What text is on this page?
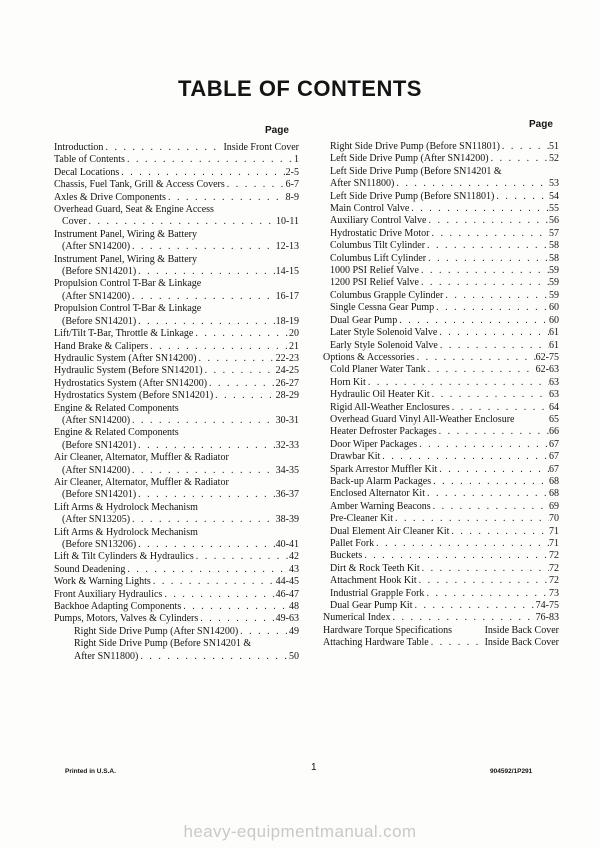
TABLE OF CONTENTS
Page
Page
Introduction . . .	Inside Front Cover
Table of Contents . . .	1
Decal Locations . . .	2-5
Chassis, Fuel Tank, Grill & Access Covers . . .	6-7
Axles & Drive Components . . .	8-9
Overhead Guard, Seat & Engine Access
Cover . . .	10-11
Instrument Panel, Wiring & Battery
(After SN14200) . . .	12-13
Instrument Panel, Wiring & Battery
(Before SN14201) . . .	14-15
Propulsion Control T-Bar & Linkage
(After SN14200) . . .	16-17
Propulsion Control T-Bar & Linkage
(Before SN14201) . . .	18-19
Lift/Tilt T-Bar, Throttle & Linkage . . .	20
Hand Brake & Calipers . . .	21
Hydraulic System (After SN14200) . . .	22-23
Hydraulic System (Before SN14201) . . .	24-25
Hydrostatics System (After SN14200) . . .	26-27
Hydrostatics System (Before SN14201) . . .	28-29
Engine & Related Components
(After SN14200) . . .	30-31
Engine & Related Components
(Before SN14201) . . .	32-33
Air Cleaner, Alternator, Muffler & Radiator
(After SN14200) . . .	34-35
Air Cleaner, Alternator, Muffler & Radiator
(Before SN14201) . . .	36-37
Lift Arms & Hydrolock Mechanism
(After SN13205) . . .	38-39
Lift Arms & Hydrolock Mechanism
(Before SN13206) . . .	40-41
Lift & Tilt Cylinders & Hydraulics . . .	42
Sound Deadening . . .	43
Work & Warning Lights . . .	44-45
Front Auxiliary Hydraulics . . .	46-47
Backhoe Adapting Components . . .	48
Pumps, Motors, Valves & Cylinders . . .	49-63
Right Side Drive Pump (After SN14200) . . .	49
Right Side Drive Pump (Before SN14201 &
After SN11800) . . .	50
Right Side Drive Pump (Before SN11801) . . .	51
Left Side Drive Pump (After SN14200) . . .	52
Left Side Drive Pump (Before SN14201 &
After SN11800) . . .	53
Left Side Drive Pump (Before SN11801) . . .	54
Main Control Valve . . .	55
Auxiliary Control Valve . . .	56
Hydrostatic Drive Motor . . .	57
Columbus Tilt Cylinder . . .	58
Columbus Lift Cylinder . . .	58
1000 PSI Relief Valve . . .	59
1200 PSI Relief Valve . . .	59
Columbus Grapple Cylinder . . .	59
Single Cessna Gear Pump . . .	60
Dual Gear Pump . . .	60
Later Style Solenoid Valve . . .	61
Early Style Solenoid Valve . . .	61
Options & Accessories . . .	62-75
Cold Planer Water Tank . . .	62-63
Horn Kit . . .	63
Hydraulic Oil Heater Kit . . .	63
Rigid All-Weather Enclosures . . .	64
Overhead Guard Vinyl All-Weather Enclosure	65
Heater Defroster Packages . . .	66
Door Wiper Packages . . .	67
Drawbar Kit . . .	67
Spark Arrestor Muffler Kit . . .	67
Back-up Alarm Packages . . .	68
Enclosed Alternator Kit . . .	68
Amber Warning Beacons . . .	69
Pre-Cleaner Kit . . .	70
Dual Element Air Cleaner Kit . . .	71
Pallet Fork . . .	71
Buckets . . .	72
Dirt & Rock Teeth Kit . . .	72
Attachment Hook Kit . . .	72
Industrial Grapple Fork . . .	73
Dual Gear Pump Kit . . .	74-75
Numerical Index . . .	76-83
Hardware Torque Specifications	Inside Back Cover
Attaching Hardware Table . . .	Inside Back Cover
Printed in U.S.A.	1	904592/1P291
heavy-equipmentmanual.com
